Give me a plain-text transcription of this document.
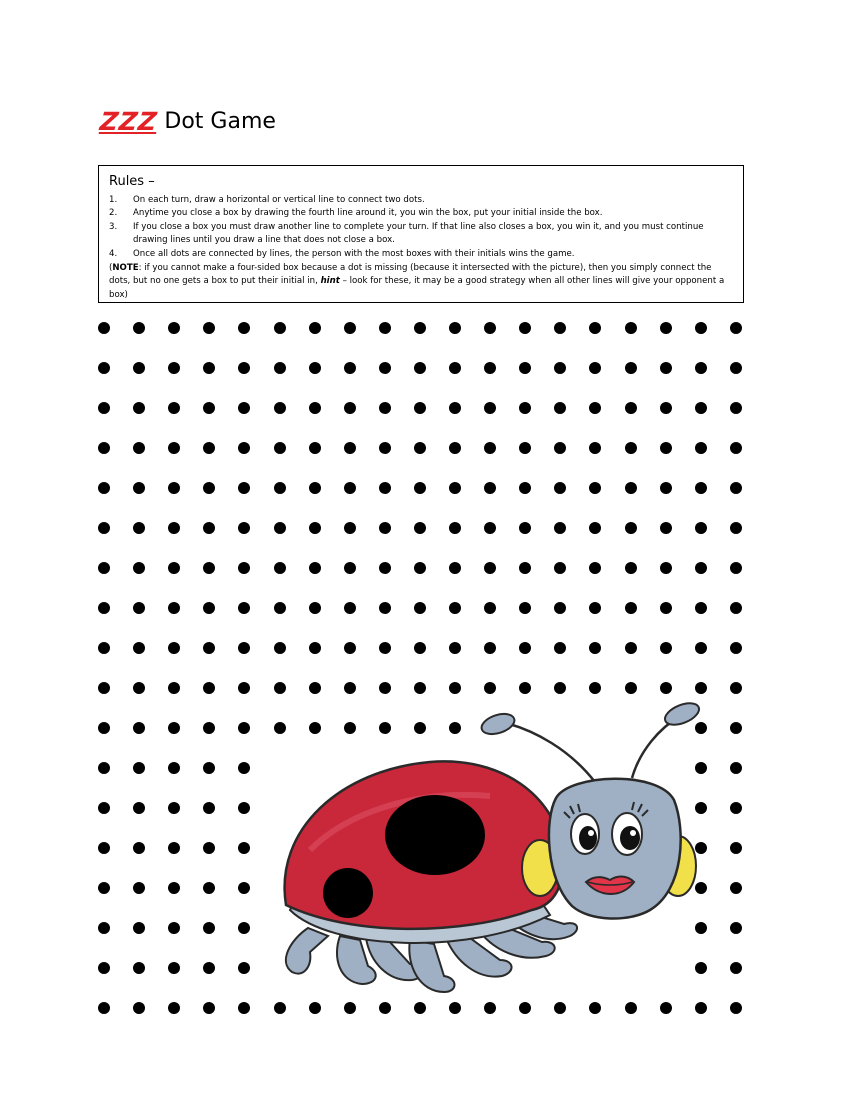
ZZZ Dot Game
Rules –
1.	On each turn, draw a horizontal or vertical line to connect two dots.
2.	Anytime you close a box by drawing the fourth line around it, you win the box, put your initial inside the box.
3.	If you close a box you must draw another line to complete your turn. If that line also closes a box, you win it, and you must continue drawing lines until you draw a line that does not close a box.
4.	Once all dots are connected by lines, the person with the most boxes with their initials wins the game.
(NOTE: if you cannot make a four-sided box because a dot is missing (because it intersected with the picture), then you simply connect the dots, but no one gets a box to put their initial in, hint – look for these, it may be a good strategy when all other lines will give your opponent a box)
